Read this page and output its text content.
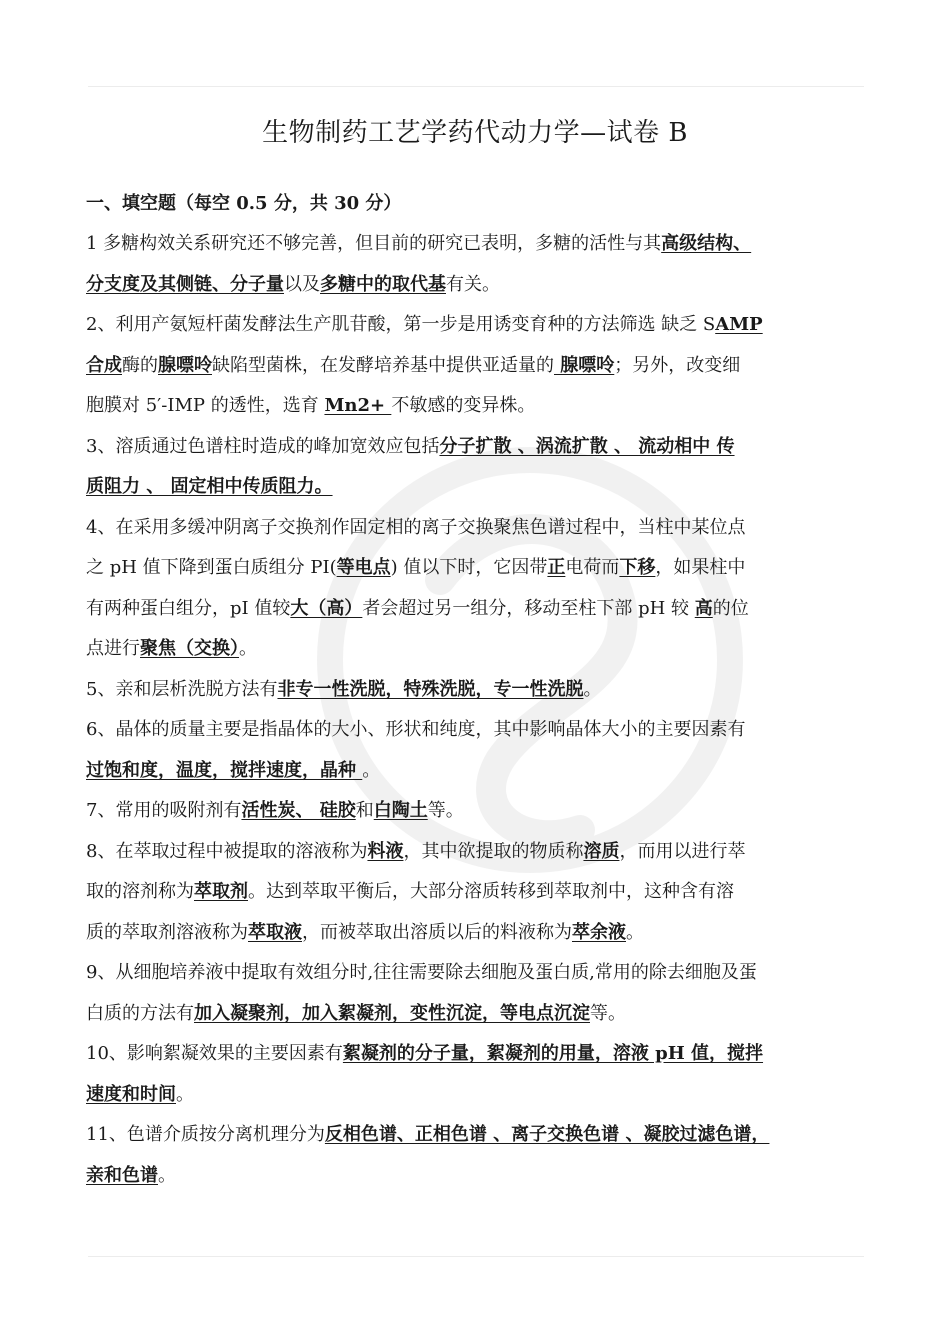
生物制药工艺学药代动力学—试卷 B
一、填空题（每空 0.5 分，共 30 分）
1 多糖构效关系研究还不够完善，但目前的研究已表明，多糖的活性与其高级结构、
分支度及其侧链、分子量以及多糖中的取代基有关。
2、利用产氨短杆菌发酵法生产肌苷酸，第一步是用诱变育种的方法筛选 缺乏 SAMP
合成酶的腺嘌呤缺陷型菌株，在发酵培养基中提供亚适量的 腺嘌呤；另外，改变细
胞膜对 5′-IMP 的透性，选育 Mn2+ 不敏感的变异株。
3、溶质通过色谱柱时造成的峰加宽效应包括分子扩散 、涡流扩散 、 流动相中 传
质阻力 、 固定相中传质阻力。
4、在采用多缓冲阴离子交换剂作固定相的离子交换聚焦色谱过程中，当柱中某位点
之 pH 值下降到蛋白质组分 PI(等电点) 值以下时，它因带正电荷而下移，如果柱中
有两种蛋白组分，pI 值较大（高）者会超过另一组分，移动至柱下部 pH 较 高的位
点进行聚焦（交换）。
5、亲和层析洗脱方法有非专一性洗脱，特殊洗脱，专一性洗脱。
6、晶体的质量主要是指晶体的大小、形状和纯度，其中影响晶体大小的主要因素有
过饱和度，温度，搅拌速度，晶种 。
7、常用的吸附剂有活性炭、 硅胶和白陶土等。
8、在萃取过程中被提取的溶液称为料液，其中欲提取的物质称溶质，而用以进行萃
取的溶剂称为萃取剂。达到萃取平衡后，大部分溶质转移到萃取剂中，这种含有溶
质的萃取剂溶液称为萃取液，而被萃取出溶质以后的料液称为萃余液。
9、从细胞培养液中提取有效组分时,往往需要除去细胞及蛋白质,常用的除去细胞及蛋
白质的方法有加入凝聚剂，加入絮凝剂，变性沉淀，等电点沉淀等。
10、影响絮凝效果的主要因素有絮凝剂的分子量，絮凝剂的用量，溶液 pH 值，搅拌
速度和时间。
11、色谱介质按分离机理分为反相色谱、正相色谱 、离子交换色谱 、凝胶过滤色谱，
亲和色谱。
